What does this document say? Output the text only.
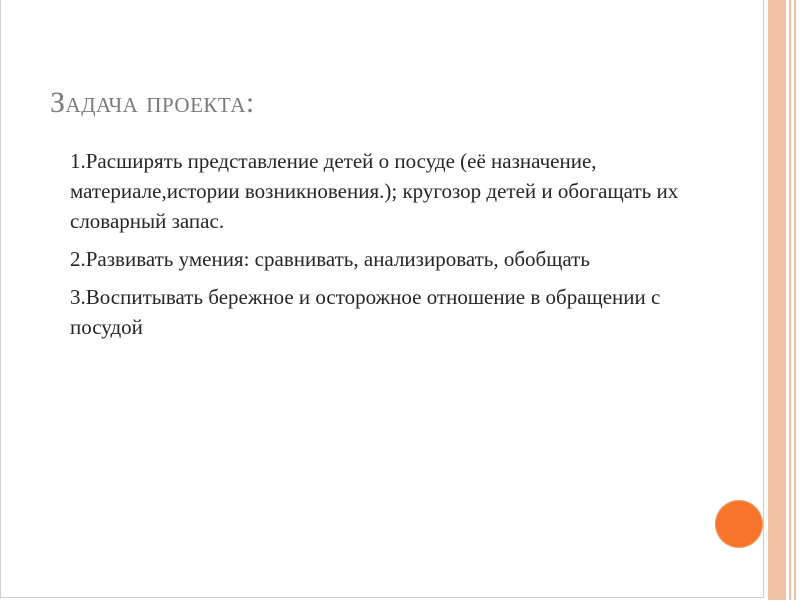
Задача проекта:
1.Расширять представление детей о посуде (её назначение, материале,истории возникновения.); кругозор детей и обогащать их словарный запас.
2.Развивать умения: сравнивать, анализировать, обобщать
3.Воспитывать бережное и осторожное отношение в обращении с посудой
